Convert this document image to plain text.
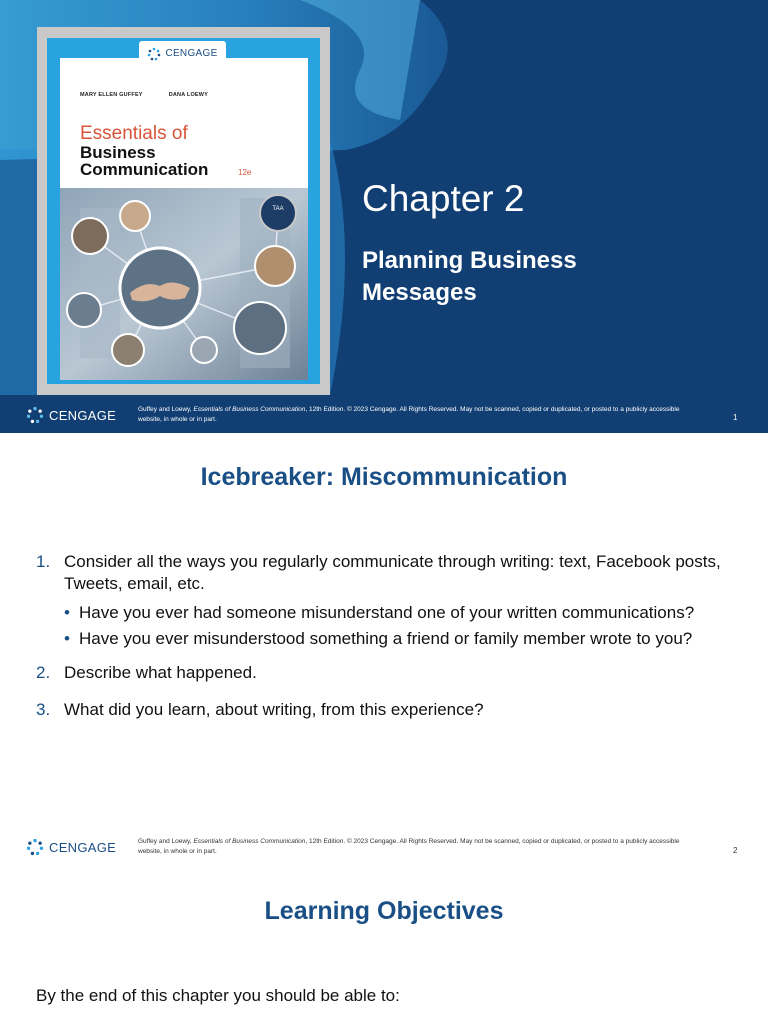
CENGAGE
MARY ELLEN GUFFEY	DANA LOEWY
Essentials of
Business
Communication	12e
TAA Chapter 2
Planning Business Messages
CENGAGE	Guffey and Loewy, Essentials of Business Communication, 12th Edition. © 2023 Cengage. All Rights Reserved. May not be scanned, copied or duplicated, or posted to a publicly accessible website, in whole or in part.	1
Icebreaker: Miscommunication
1. Consider all the ways you regularly communicate through writing: text, Facebook posts, Tweets, email, etc.
• Have you ever had someone misunderstand one of your written communications?
• Have you ever misunderstood something a friend or family member wrote to you?
2. Describe what happened.
3. What did you learn, about writing, from this experience?
CENGAGE	Guffey and Loewy, Essentials of Business Communication, 12th Edition. © 2023 Cengage. All Rights Reserved. May not be scanned, copied or duplicated, or posted to a publicly accessible website, in whole or in part.	2
Learning Objectives
By the end of this chapter you should be able to:
